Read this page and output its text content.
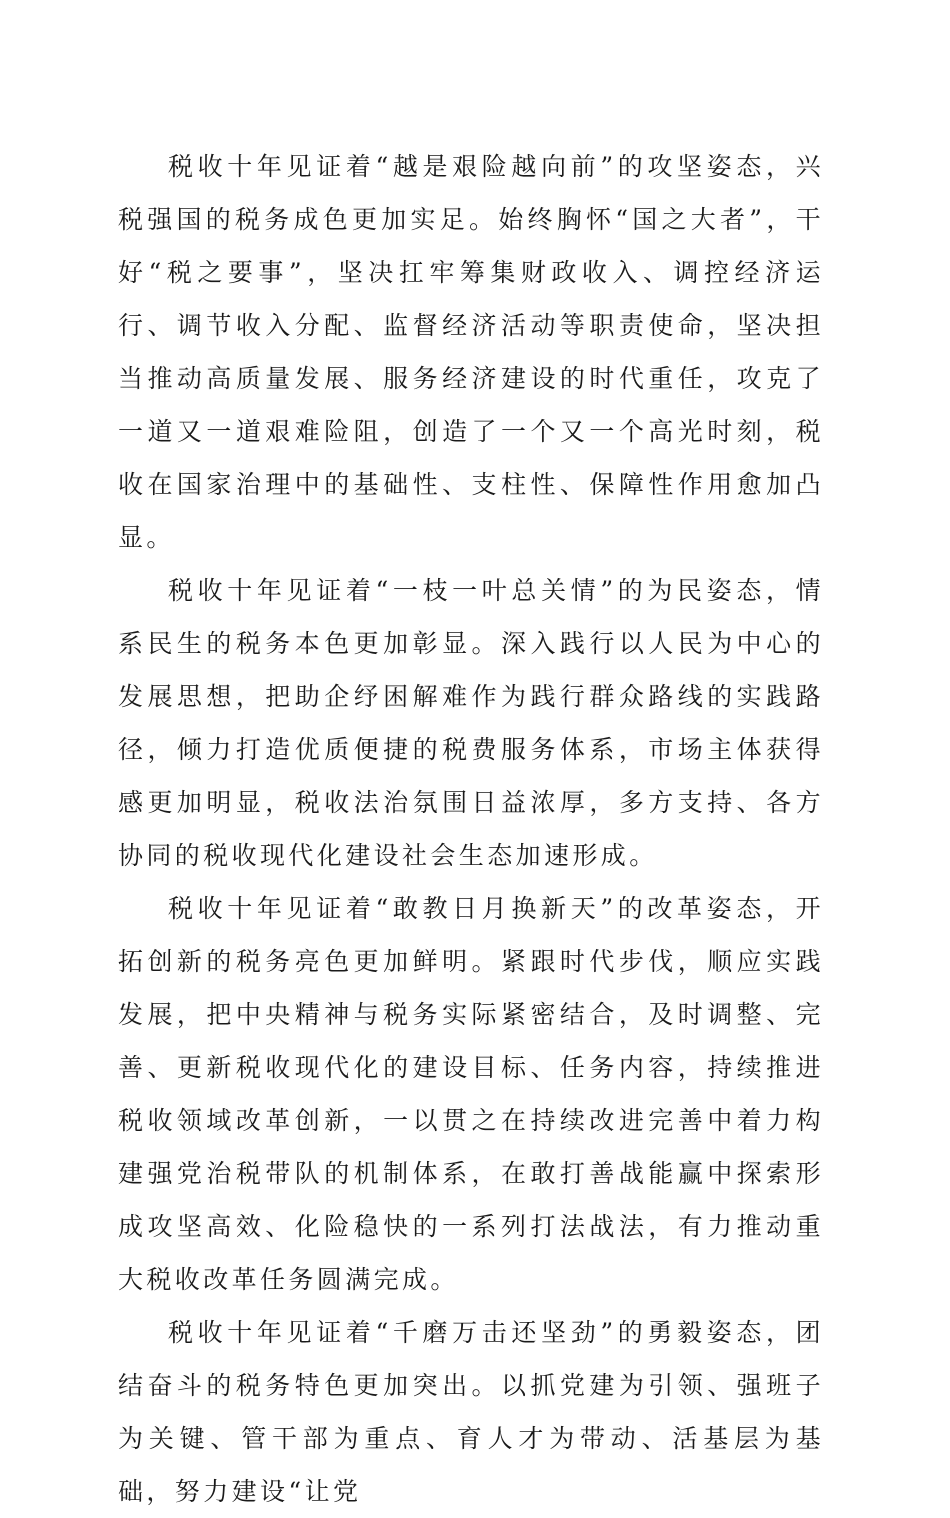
税收十年见证着“越是艰险越向前”的攻坚姿态，兴税强国的税务成色更加实足。始终胸怀“国之大者”，干好“税之要事”，坚决扛牢筹集财政收入、调控经济运行、调节收入分配、监督经济活动等职责使命，坚决担当推动高质量发展、服务经济建设的时代重任，攻克了一道又一道艰难险阻，创造了一个又一个高光时刻，税收在国家治理中的基础性、支柱性、保障性作用愈加凸显。

税收十年见证着“一枝一叶总关情”的为民姿态，情系民生的税务本色更加彰显。深入践行以人民为中心的发展思想，把助企纾困解难作为践行群众路线的实践路径，倾力打造优质便捷的税费服务体系，市场主体获得感更加明显，税收法治氛围日益浓厚，多方支持、各方协同的税收现代化建设社会生态加速形成。

税收十年见证着“敢教日月换新天”的改革姿态，开拓创新的税务亮色更加鲜明。紧跟时代步伐，顺应实践发展，把中央精神与税务实际紧密结合，及时调整、完善、更新税收现代化的建设目标、任务内容，持续推进税收领域改革创新，一以贯之在持续改进完善中着力构建强党治税带队的机制体系，在敢打善战能赢中探索形成攻坚高效、化险稳快的一系列打法战法，有力推动重大税收改革任务圆满完成。

税收十年见证着“千磨万击还坚劲”的勇毅姿态，团结奋斗的税务特色更加突出。以抓党建为引领、强班子为关键、管干部为重点、育人才为带动、活基层为基础，努力建设“让党
